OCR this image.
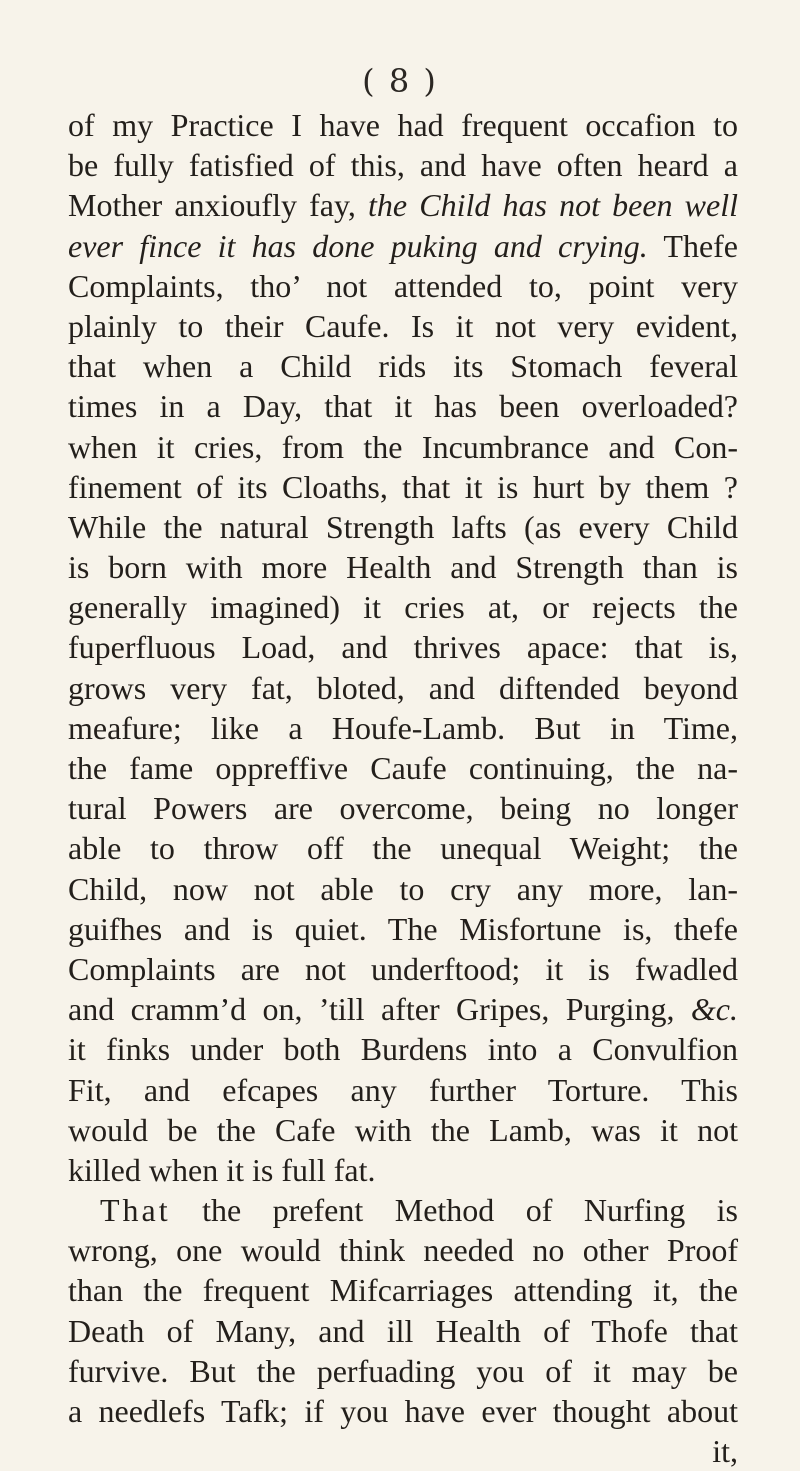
( 8 )
of my Practice I have had frequent occafion to
be fully fatisfied of this, and have often heard a
Mother anxioufly fay, the Child has not been well
ever fince it has done puking and crying. Thefe
Complaints, tho’ not attended to, point very
plainly to their Caufe. Is it not very evident,
that when a Child rids its Stomach feveral
times in a Day, that it has been overloaded?
when it cries, from the Incumbrance and Con-
finement of its Cloaths, that it is hurt by them ?
While the natural Strength lafts (as every Child
is born with more Health and Strength than is
generally imagined) it cries at, or rejects the
fuperfluous Load, and thrives apace: that is,
grows very fat, bloted, and diftended beyond
meafure; like a Houfe-Lamb. But in Time,
the fame oppreffive Caufe continuing, the na-
tural Powers are overcome, being no longer
able to throw off the unequal Weight; the
Child, now not able to cry any more, lan-
guifhes and is quiet. The Misfortune is, thefe
Complaints are not underftood; it is fwadled
and cramm’d on, ’till after Gripes, Purging, &c.
it finks under both Burdens into a Convulfion
Fit, and efcapes any further Torture. This
would be the Cafe with the Lamb, was it not
killed when it is full fat.
That the prefent Method of Nurfing is
wrong, one would think needed no other Proof
than the frequent Mifcarriages attending it, the
Death of Many, and ill Health of Thofe that
furvive. But the perfuading you of it may be
a needlefs Tafk; if you have ever thought about
it,
